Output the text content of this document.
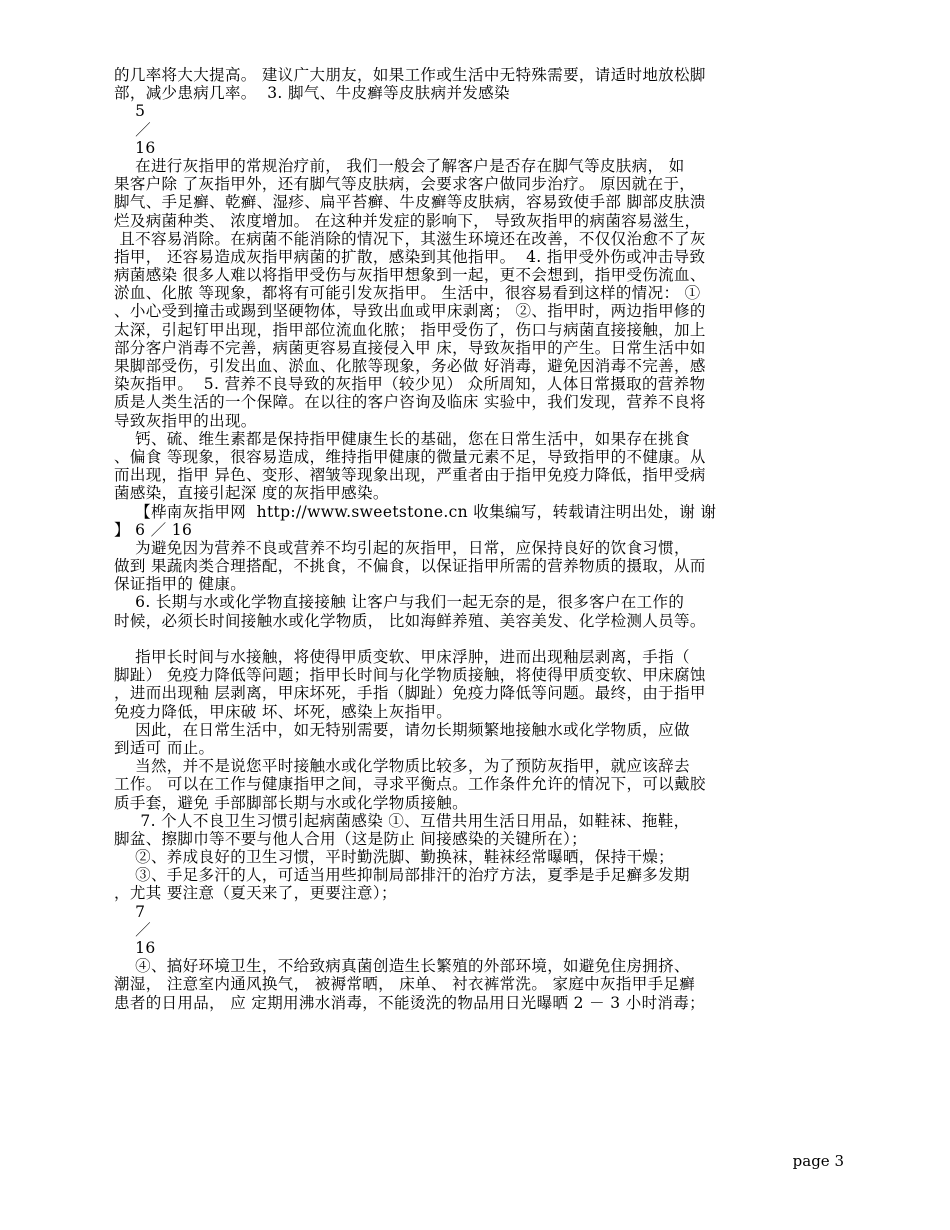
的几率将大大提高。 建议广大朋友，如果工作或生活中无特殊需要，请适时地放松脚
部，减少患病几率。  3. 脚气、牛皮癣等皮肤病并发感染
5
／
16
在进行灰指甲的常规治疗前， 我们一般会了解客户是否存在脚气等皮肤病， 如
果客户除 了灰指甲外，还有脚气等皮肤病，会要求客户做同步治疗。 原因就在于，
脚气、手足癣、乾癣、湿疹、扁平苔癣、牛皮癣等皮肤病，容易致使手部 脚部皮肤溃
烂及病菌种类、 浓度增加。 在这种并发症的影响下， 导致灰指甲的病菌容易滋生，
且不容易消除。在病菌不能消除的情况下，其滋生环境还在改善，不仅仅治愈不了灰
指甲， 还容易造成灰指甲病菌的扩散，感染到其他指甲。  4. 指甲受外伤或冲击导致
病菌感染 很多人难以将指甲受伤与灰指甲想象到一起，更不会想到，指甲受伤流血、
淤血、化脓 等现象，都将有可能引发灰指甲。 生活中，很容易看到这样的情况： ①
、小心受到撞击或踢到坚硬物体，导致出血或甲床剥离； ②、指甲时，两边指甲修的
太深，引起钉甲出现，指甲部位流血化脓； 指甲受伤了，伤口与病菌直接接触，加上
部分客户消毒不完善，病菌更容易直接侵入甲 床，导致灰指甲的产生。日常生活中如
果脚部受伤，引发出血、淤血、化脓等现象，务必做 好消毒，避免因消毒不完善，感
染灰指甲。  5. 营养不良导致的灰指甲（较少见） 众所周知，人体日常摄取的营养物
质是人类生活的一个保障。在以往的客户咨询及临床 实验中，我们发现，营养不良将
导致灰指甲的出现。
钙、硫、维生素都是保持指甲健康生长的基础，您在日常生活中，如果存在挑食
、偏食 等现象，很容易造成，维持指甲健康的微量元素不足，导致指甲的不健康。从
而出现，指甲 异色、变形、褶皱等现象出现，严重者由于指甲免疫力降低，指甲受病
菌感染，直接引起深 度的灰指甲感染。
【桦南灰指甲网  http://www.sweetstone.cn 收集编写，转载请注明出处，谢 谢
】 6 ／ 16
为避免因为营养不良或营养不均引起的灰指甲，日常，应保持良好的饮食习惯，
做到 果蔬肉类合理搭配，不挑食，不偏食，以保证指甲所需的营养物质的摄取，从而
保证指甲的 健康。
6. 长期与水或化学物直接接触 让客户与我们一起无奈的是，很多客户在工作的
时候，必须长时间接触水或化学物质， 比如海鲜养殖、美容美发、化学检测人员等。
指甲长时间与水接触，将使得甲质变软、甲床浮肿，进而出现釉层剥离，手指（
脚趾） 免疫力降低等问题；指甲长时间与化学物质接触，将使得甲质变软、甲床腐蚀
，进而出现釉 层剥离，甲床坏死，手指（脚趾）免疫力降低等问题。最终，由于指甲
免疫力降低，甲床破 坏、坏死，感染上灰指甲。
因此，在日常生活中，如无特别需要，请勿长期频繁地接触水或化学物质，应做
到适可 而止。
当然，并不是说您平时接触水或化学物质比较多，为了预防灰指甲，就应该辞去
工作。 可以在工作与健康指甲之间，寻求平衡点。工作条件允许的情况下，可以戴胶
质手套，避免 手部脚部长期与水或化学物质接触。
7. 个人不良卫生习惯引起病菌感染 ①、互借共用生活日用品，如鞋袜、拖鞋，
脚盆、擦脚巾等不要与他人合用（这是防止 间接感染的关键所在）；
②、养成良好的卫生习惯，平时勤洗脚、勤换袜，鞋袜经常曝晒，保持干燥；
③、手足多汗的人，可适当用些抑制局部排汗的治疗方法，夏季是手足癣多发期
，尤其 要注意（夏天来了，更要注意）；
7
／
16
④、搞好环境卫生，不给致病真菌创造生长繁殖的外部环境，如避免住房拥挤、
潮湿， 注意室内通风换气， 被褥常晒， 床单、 衬衣裤常洗。 家庭中灰指甲手足癣
患者的日用品， 应 定期用沸水消毒，不能烫洗的物品用日光曝晒 2 － 3 小时消毒；
page 3
